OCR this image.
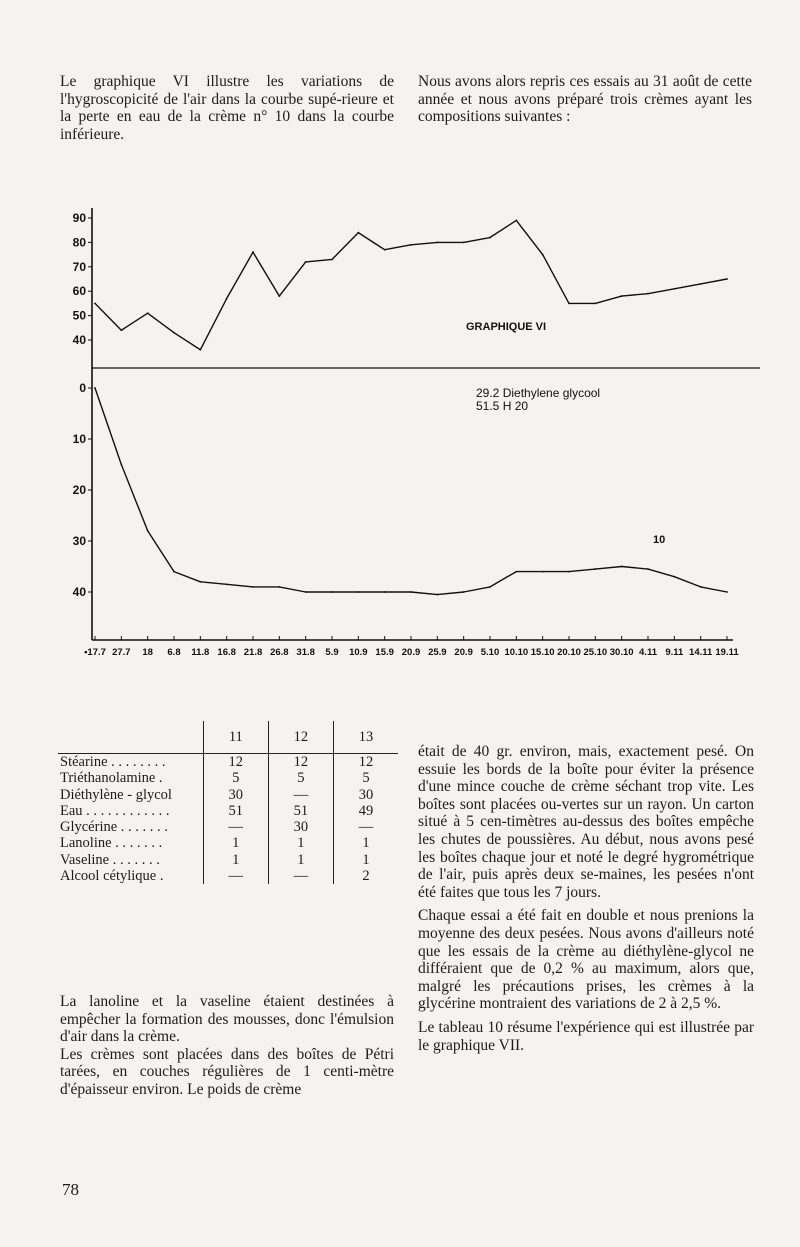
Le graphique VI illustre les variations de l'hygroscopicité de l'air dans la courbe supé-rieure et la perte en eau de la crème n° 10 dans la courbe inférieure.

Nous avons alors repris ces essais au 31 août de cette année et nous avons préparé trois crèmes ayant les compositions suivantes :

90
80
70
60
50
40
0
10
20
30
40
•17.7 27.7 18 6.8 11.8 16.8 21.8 26.8 31.8 5.9 10.9 15.9 20.9 25.9 20.9 5.10 10.10 15.10 20.10 25.10 30.10 4.11 9.11 14.11 19.11
GRAPHIQUE VI
29.2 Diethylene glycool
51.5 H 20
10
	11	12	13
Stéarine . . . . . . . .	12	12	12
Triéthanolamine .	5	5	5
Diéthylène - glycol	30	—	30
Eau . . . . . . . . . . . .	51	51	49
Glycérine . . . . . . .	—	30	—
Lanoline . . . . . . .	1	1	1
Vaseline . . . . . . .	1	1	1
Alcool cétylique .	—	—	2

La lanoline et la vaseline étaient destinées à empêcher la formation des mousses, donc l'émulsion d'air dans la crème.

Les crèmes sont placées dans des boîtes de Pétri tarées, en couches régulières de 1 centi-mètre d'épaisseur environ. Le poids de crème

était de 40 gr. environ, mais, exactement pesé. On essuie les bords de la boîte pour éviter la présence d'une mince couche de crème séchant trop vite. Les boîtes sont placées ou-vertes sur un rayon. Un carton situé à 5 cen-timètres au-dessus des boîtes empêche les chutes de poussières. Au début, nous avons pesé les boîtes chaque jour et noté le degré hygrométrique de l'air, puis après deux se-maines, les pesées n'ont été faites que tous les 7 jours.

Chaque essai a été fait en double et nous prenions la moyenne des deux pesées. Nous avons d'ailleurs noté que les essais de la crème au diéthylène-glycol ne différaient que de 0,2 % au maximum, alors que, malgré les précautions prises, les crèmes à la glycérine montraient des variations de 2 à 2,5 %.

Le tableau 10 résume l'expérience qui est illustrée par le graphique VII.

78
